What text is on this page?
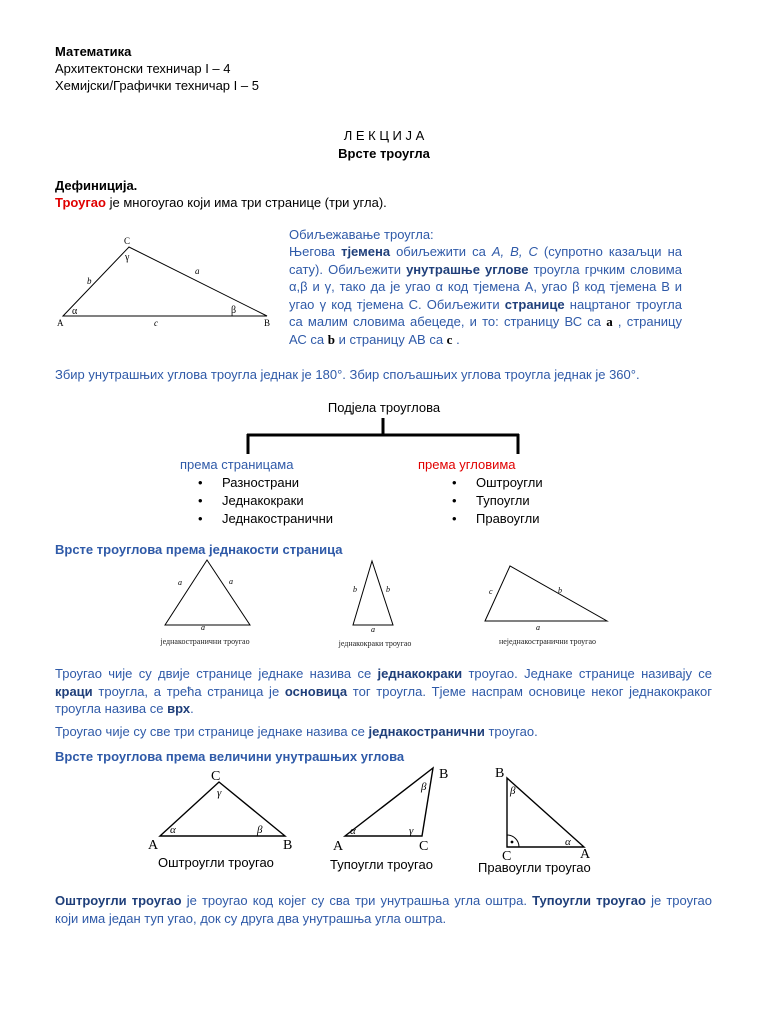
Математика
Архитектонски техничар I – 4
Хемијски/Графички техничар I – 5
Л Е К Ц И Ј А
Врсте троугла
Дефиниција.
Троугао је многоугао који има три странице (три угла).
C
A	B
b
a
c
α	β
γ
Обиљежавање троугла:
Његова тјемена обиљежити са A, B, C (супротно казаљци на сату). Обиљежити унутрашње углове троугла грчким словима α,β и γ, тако да је угао α код тјемена А, угао β код тјемена В и угао γ код тјемена С. Обиљежити странице нацртаног троугла са малим словима абецеде, и то: страницу ВС са a , страницу АС са b и страницу АВ са c .
Збир унутрашњих углова троугла једнак је 180°. Збир спољашњих углова троугла једнак је 360°.
Подјела троуглова
према страницама
• Разнострани
• Једнакокраки
• Једнакостранични
према угловима
• Оштроугли
• Тупоугли
• Правоугли
Врсте троуглова према једнакости страница
a	a
a
једнакостранични троугао
b	b
a
једнакокраки троугао
c	b
a
неједнакостранични троугао
Троугао чије су двије странице једнаке назива се једнакокраки троугао. Једнаке странице називају се краци троугла, а трећа страница је основица тог троугла. Тјеме наспрам основице неког једнакокраког троугла назива се врх.
Троугао чије су све три странице једнаке назива се једнакостранични троугао.
Врсте троуглова према величини унутрашњих углова
C
A	B
α	β
γ
Оштроугли троугао
B
A	C
α
β
γ
Тупоугли троугао
B
C	A
β
α
Правоугли троугао
Оштроугли троугао је троугао код којег су сва три унутрашња угла оштра. Тупоугли троугао је троугао који има један туп угао, док су друга два унутрашња угла оштра.
